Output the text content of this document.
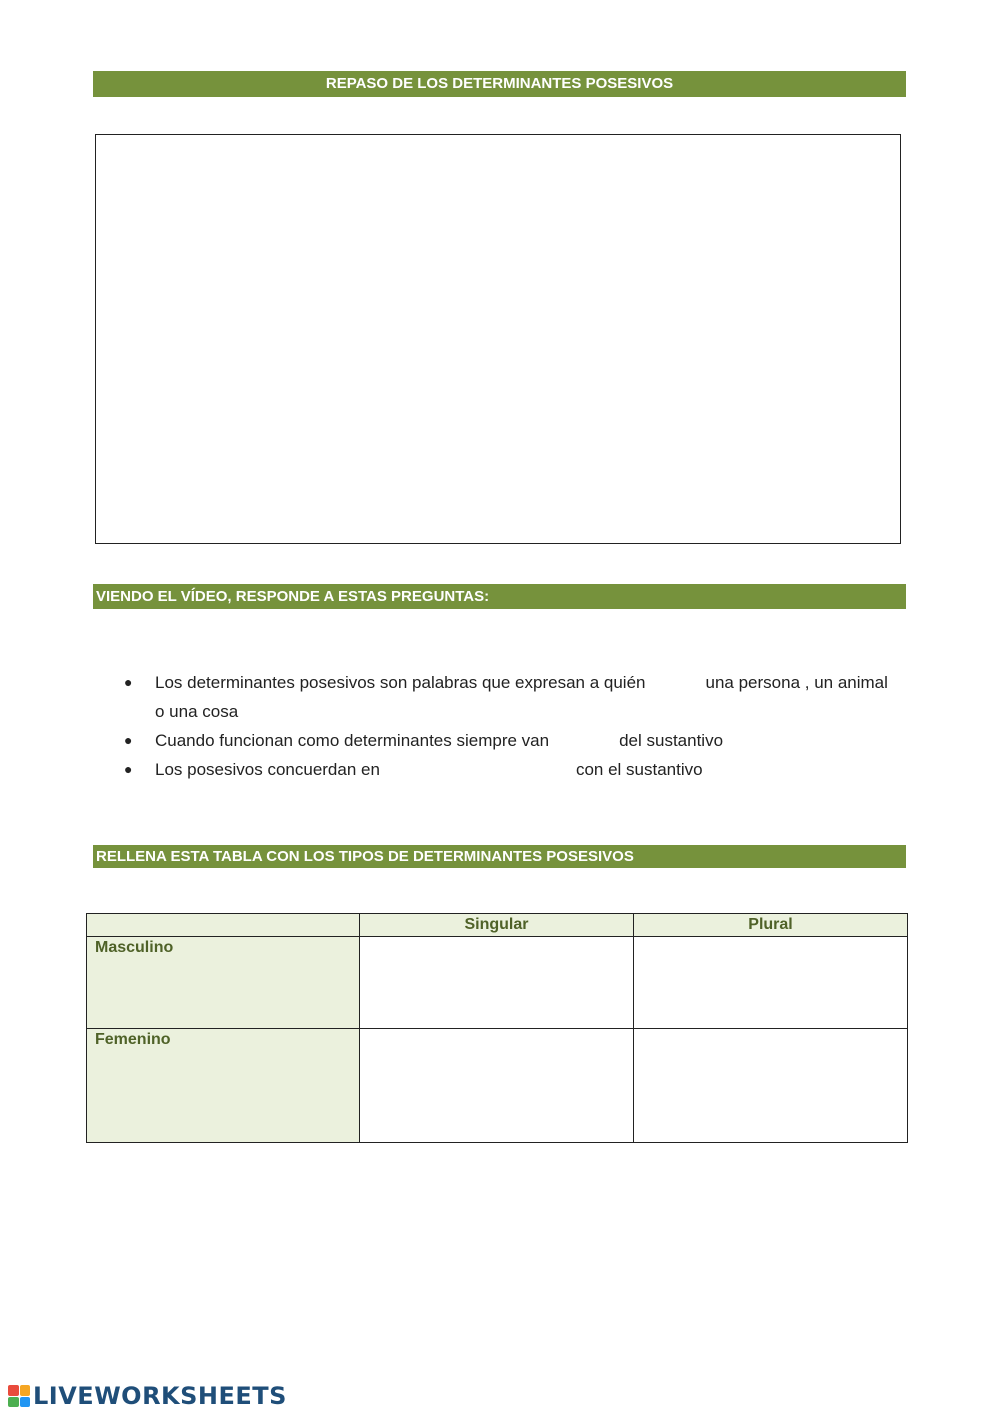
REPASO DE LOS DETERMINANTES POSESIVOS
VIENDO EL VÍDEO, RESPONDE A ESTAS PREGUNTAS:
● Los determinantes posesivos son palabras que expresan a quién	una persona , un animal o una cosa
● Cuando funcionan como determinantes siempre van	del sustantivo
● Los posesivos concuerdan en	con el sustantivo
RELLENA ESTA TABLA CON LOS TIPOS DE DETERMINANTES POSESIVOS
	Singular	Plural
Masculino		
Femenino		
LIVEWORKSHEETS
